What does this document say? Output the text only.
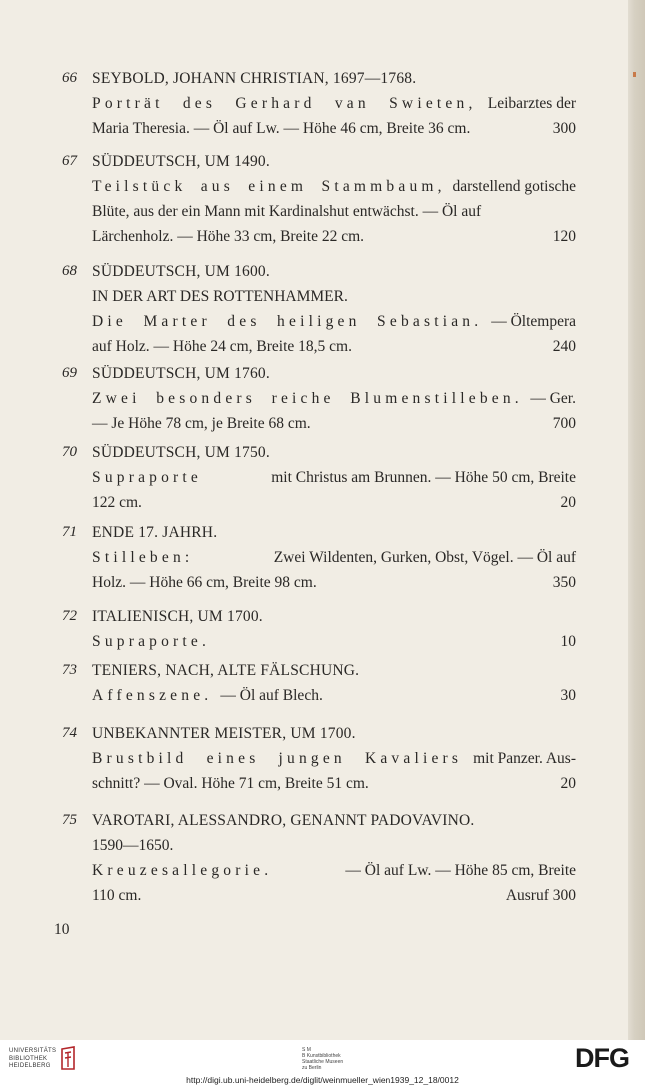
66 SEYBOLD, JOHANN CHRISTIAN, 1697—1768.
Porträt des Gerhard van Swieten, Leibarztes der
Maria Theresia. — Öl auf Lw. — Höhe 46 cm, Breite 36 cm.	300
67 SÜDDEUTSCH, UM 1490.
Teilstück aus einem Stammbaum, darstellend gotische
Blüte, aus der ein Mann mit Kardinalshut entwächst. — Öl auf
Lärchenholz. — Höhe 33 cm, Breite 22 cm.	120
68 SÜDDEUTSCH, UM 1600.
IN DER ART DES ROTTENHAMMER.
Die Marter des heiligen Sebastian. — Öltempera
auf Holz. — Höhe 24 cm, Breite 18,5 cm.	240
69 SÜDDEUTSCH, UM 1760.
Zwei besonders reiche Blumenstilleben. — Ger.
— Je Höhe 78 cm, je Breite 68 cm.	700
70 SÜDDEUTSCH, UM 1750.
Supraporte	mit Christus am Brunnen. — Höhe 50 cm, Breite
122 cm.	20
71 ENDE 17. JAHRH.
Stilleben:	Zwei Wildenten, Gurken, Obst, Vögel. — Öl auf
Holz. — Höhe 66 cm, Breite 98 cm.	350
72 ITALIENISCH, UM 1700.
Supraporte.	10
73 TENIERS, NACH, ALTE FÄLSCHUNG.
Affenszene. — Öl auf Blech.	30
74 UNBEKANNTER MEISTER, UM 1700.
Brustbild eines jungen Kavaliers mit Panzer. Aus-
schnitt? — Oval. Höhe 71 cm, Breite 51 cm.	20
75 VAROTARI, ALESSANDRO, GENANNT PADOVAVINO.
1590—1650.
Kreuzesallegorie.	— Öl auf Lw. — Höhe 85 cm, Breite
110 cm.	Ausruf 300
10
UNIVERSITÄTS
BIBLIOTHEK
HEIDELBERG
S M
B Kunstbibliothek
Staatliche Museen
zu Berlin	DFG
http://digi.ub.uni-heidelberg.de/diglit/weinmueller_wien1939_12_18/0012
